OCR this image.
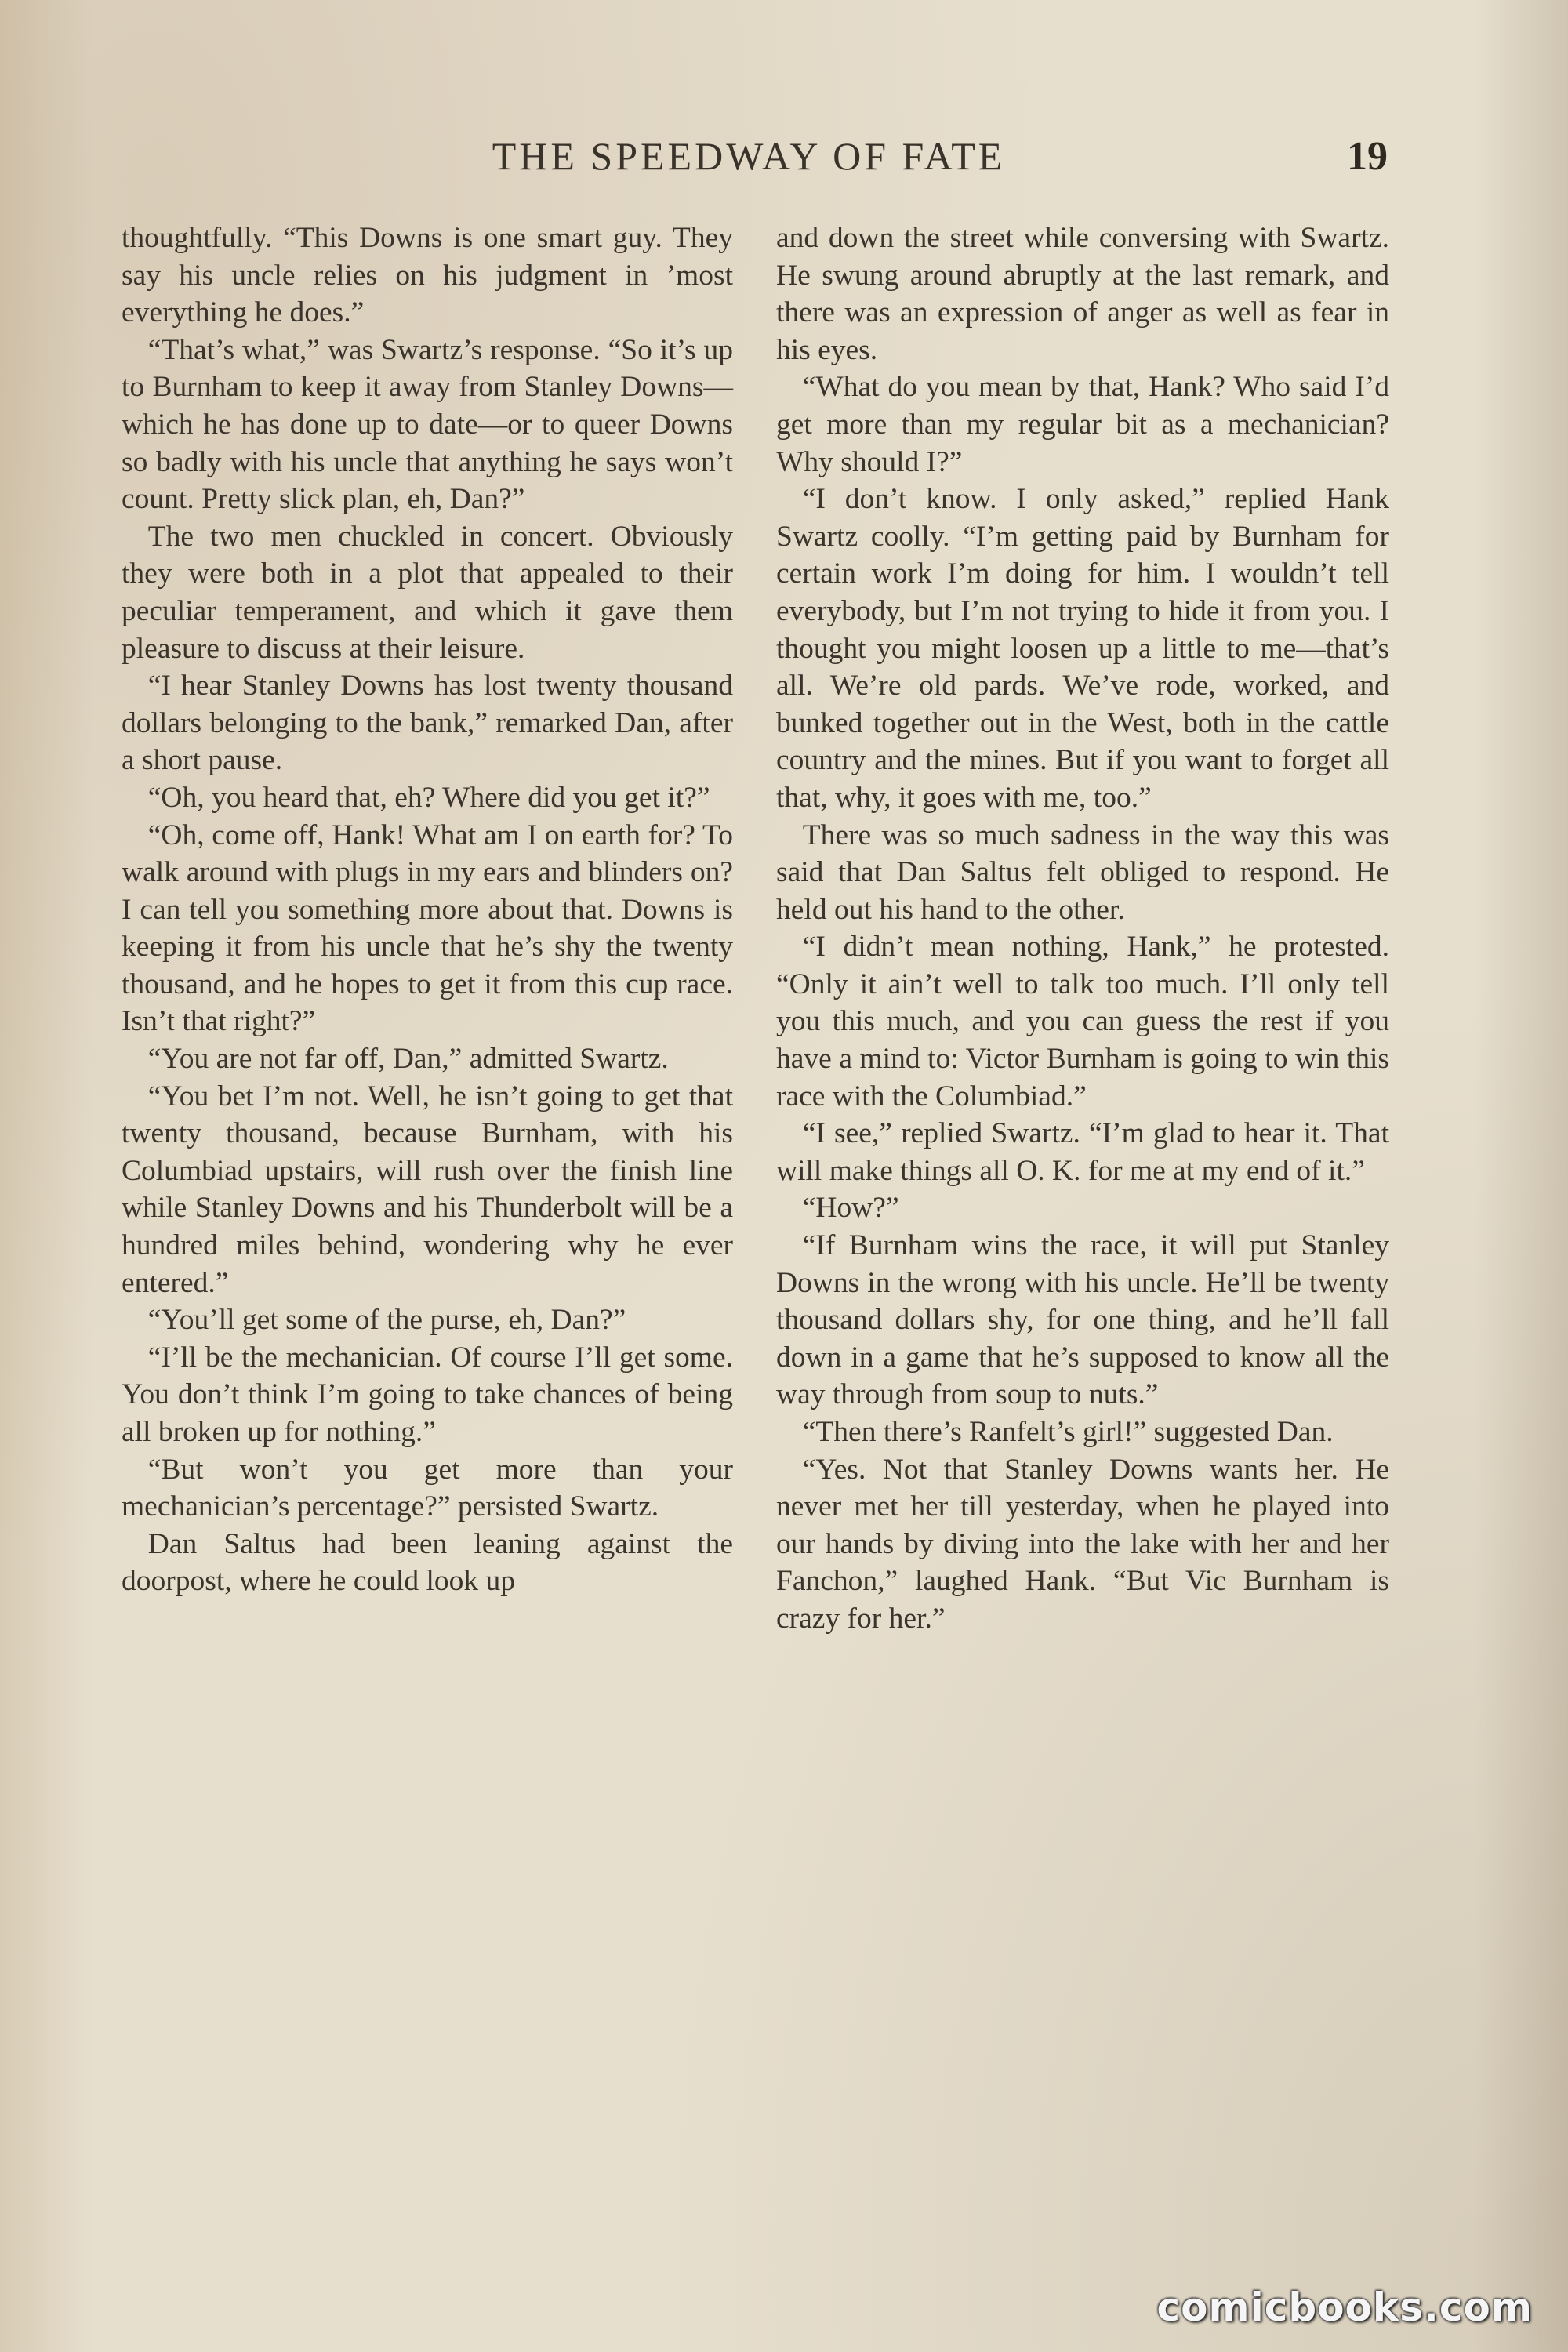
THE SPEEDWAY OF FATE	19

thoughtfully. “This Downs is one smart guy. They say his uncle relies on his judgment in ’most everything he does.”

“That’s what,” was Swartz’s response. “So it’s up to Burnham to keep it away from Stanley Downs—which he has done up to date—or to queer Downs so badly with his uncle that anything he says won’t count. Pretty slick plan, eh, Dan?”

The two men chuckled in concert. Obviously they were both in a plot that appealed to their peculiar temperament, and which it gave them pleasure to discuss at their leisure.

“I hear Stanley Downs has lost twenty thousand dollars belonging to the bank,” remarked Dan, after a short pause.

“Oh, you heard that, eh? Where did you get it?”

“Oh, come off, Hank! What am I on earth for? To walk around with plugs in my ears and blinders on? I can tell you something more about that. Downs is keeping it from his uncle that he’s shy the twenty thousand, and he hopes to get it from this cup race. Isn’t that right?”

“You are not far off, Dan,” admitted Swartz.

“You bet I’m not. Well, he isn’t going to get that twenty thousand, because Burnham, with his Columbiad upstairs, will rush over the finish line while Stanley Downs and his Thunderbolt will be a hundred miles behind, wondering why he ever entered.”

“You’ll get some of the purse, eh, Dan?”

“I’ll be the mechanician. Of course I’ll get some. You don’t think I’m going to take chances of being all broken up for nothing.”

“But won’t you get more than your mechanician’s percentage?” persisted Swartz.

Dan Saltus had been leaning against the doorpost, where he could look up

and down the street while conversing with Swartz. He swung around abruptly at the last remark, and there was an expression of anger as well as fear in his eyes.

“What do you mean by that, Hank? Who said I’d get more than my regular bit as a mechanician? Why should I?”

“I don’t know. I only asked,” replied Hank Swartz coolly. “I’m getting paid by Burnham for certain work I’m doing for him. I wouldn’t tell everybody, but I’m not trying to hide it from you. I thought you might loosen up a little to me—that’s all. We’re old pards. We’ve rode, worked, and bunked together out in the West, both in the cattle country and the mines. But if you want to forget all that, why, it goes with me, too.”

There was so much sadness in the way this was said that Dan Saltus felt obliged to respond. He held out his hand to the other.

“I didn’t mean nothing, Hank,” he protested. “Only it ain’t well to talk too much. I’ll only tell you this much, and you can guess the rest if you have a mind to: Victor Burnham is going to win this race with the Columbiad.”

“I see,” replied Swartz. “I’m glad to hear it. That will make things all O. K. for me at my end of it.”

“How?”

“If Burnham wins the race, it will put Stanley Downs in the wrong with his uncle. He’ll be twenty thousand dollars shy, for one thing, and he’ll fall down in a game that he’s supposed to know all the way through from soup to nuts.”

“Then there’s Ranfelt’s girl!” suggested Dan.

“Yes. Not that Stanley Downs wants her. He never met her till yesterday, when he played into our hands by diving into the lake with her and her Fanchon,” laughed Hank. “But Vic Burnham is crazy for her.”

comicbooks.com
